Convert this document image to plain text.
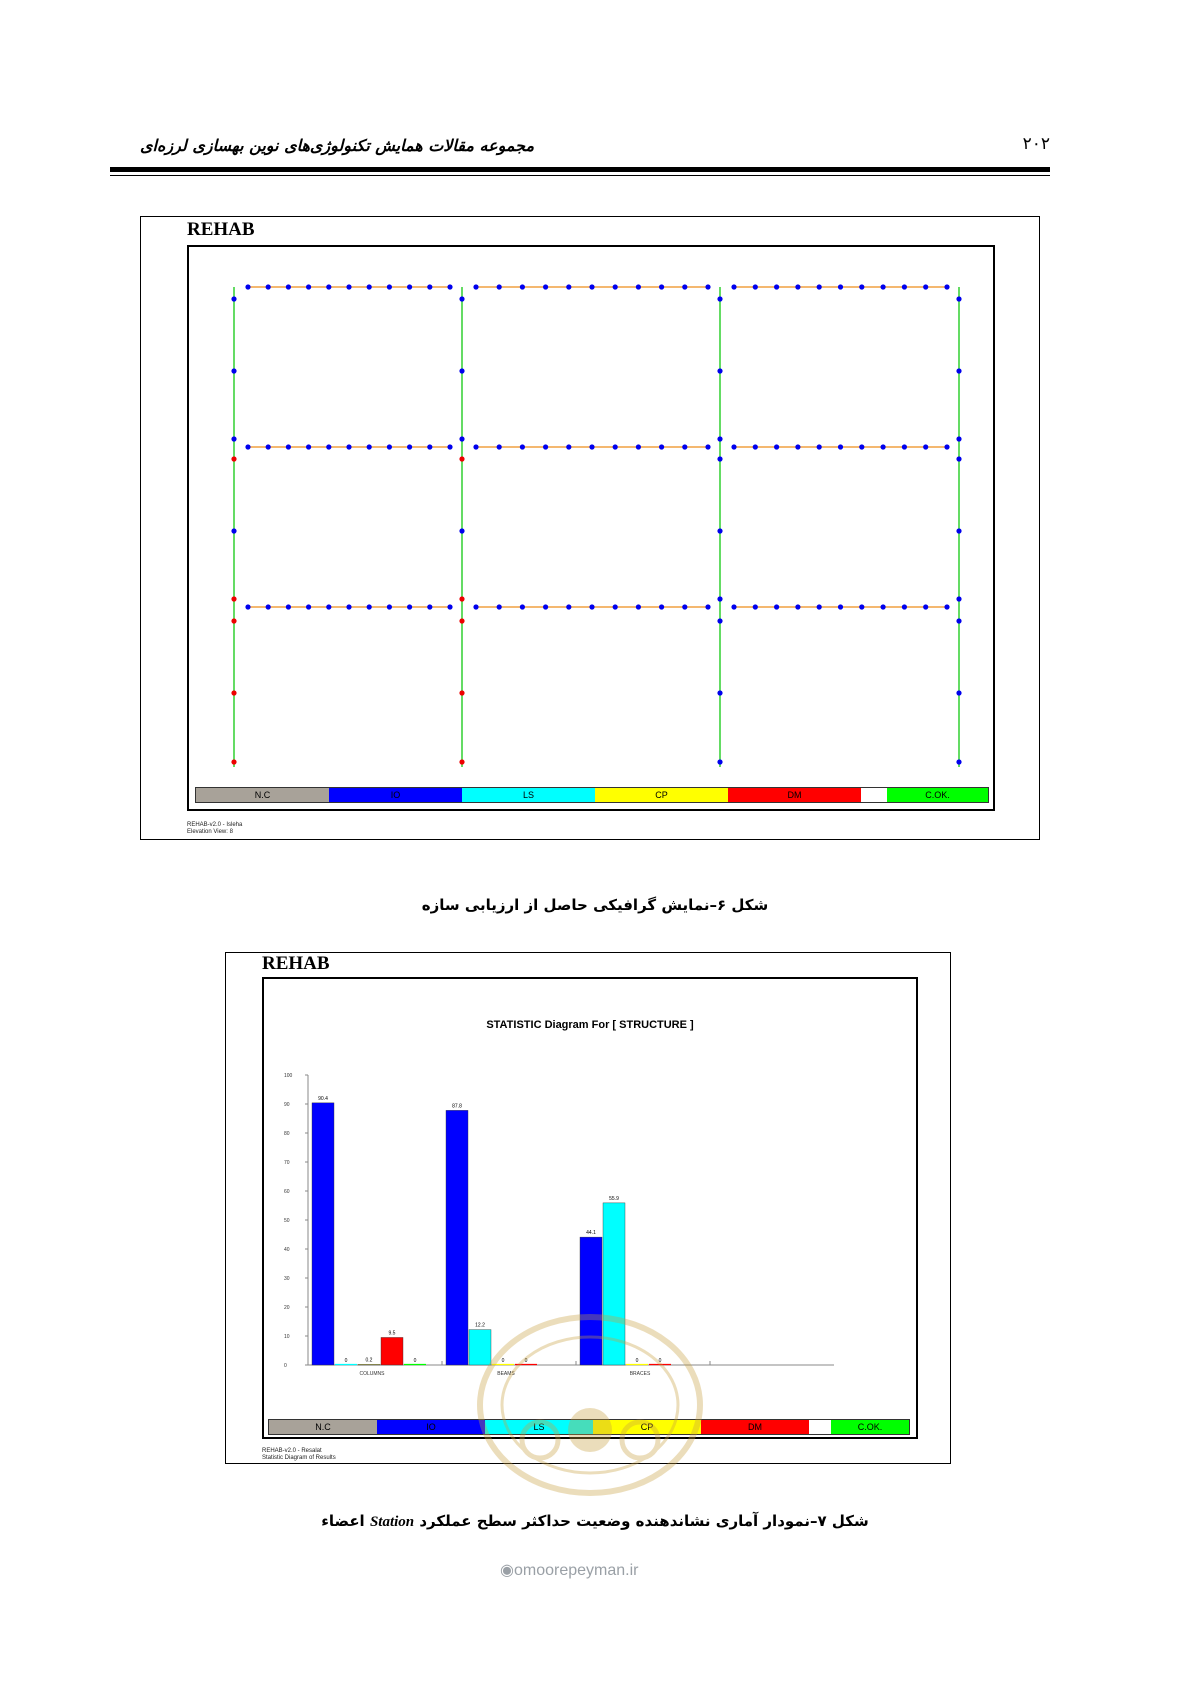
۲۰۲
مجموعه مقالات همایش تکنولوژی‌های نوین بهسازی لرزه‌ای
REHAB
N.C	IO	LS	CP	DM	C.OK.
REHAB-v2.0 - Isleha
Elevation View: 8
شکل ۶–نمایش گرافیکی حاصل از ارزیابی سازه
REHAB
STATISTIC Diagram For [ STRUCTURE ]
0
10
20
30
40
50
60
70
80
90
100
90.4
0	0.2
9.5
0
COLUMNS
87.8
12.2
0	0
BEAMS
44.1
55.9
0	0
BRACES
N.C	IO	LS	CP	DM	C.OK.
REHAB-v2.0 - Resalat
Statistic Diagram of Results
شکل ۷–نمودار آماری نشاندهنده وضعیت حداکثر سطح عملکرد Station اعضاء
◉omoorepeyman.ir
